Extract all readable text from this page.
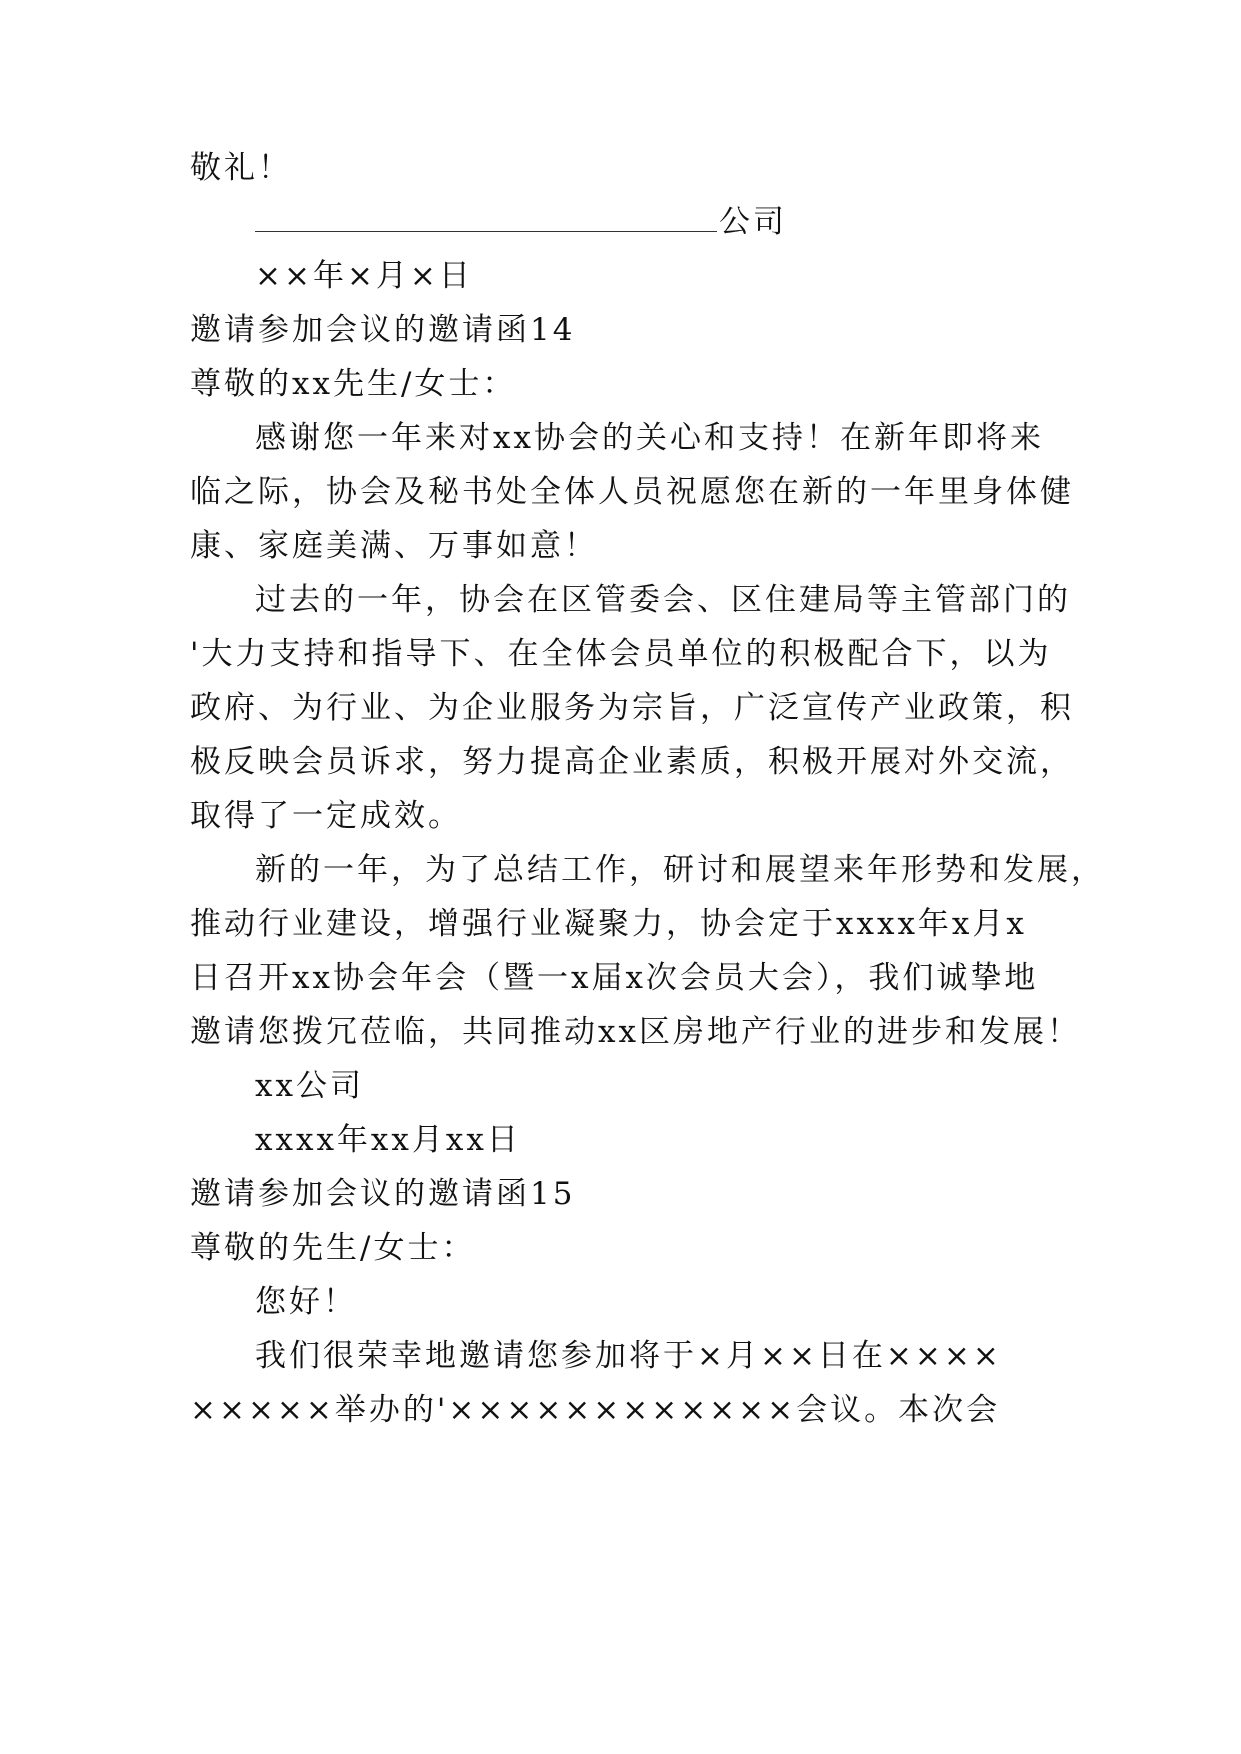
敬礼！
公司
××年×月×日
邀请参加会议的邀请函14
尊敬的xx先生/女士：
感谢您一年来对xx协会的关心和支持！在新年即将来
临之际，协会及秘书处全体人员祝愿您在新的一年里身体健
康、家庭美满、万事如意！
过去的一年，协会在区管委会、区住建局等主管部门的
'大力支持和指导下、在全体会员单位的积极配合下，以为
政府、为行业、为企业服务为宗旨，广泛宣传产业政策，积
极反映会员诉求，努力提高企业素质，积极开展对外交流，
取得了一定成效。
新的一年，为了总结工作，研讨和展望来年形势和发展，
推动行业建设，增强行业凝聚力，协会定于xxxx年x月x
日召开xx协会年会（暨一x届x次会员大会），我们诚挚地
邀请您拨冗莅临，共同推动xx区房地产行业的进步和发展！
xx公司
xxxx年xx月xx日
邀请参加会议的邀请函15
尊敬的先生/女士：
您好！
我们很荣幸地邀请您参加将于×月××日在××××
×××××举办的'××××××××××××会议。本次会
